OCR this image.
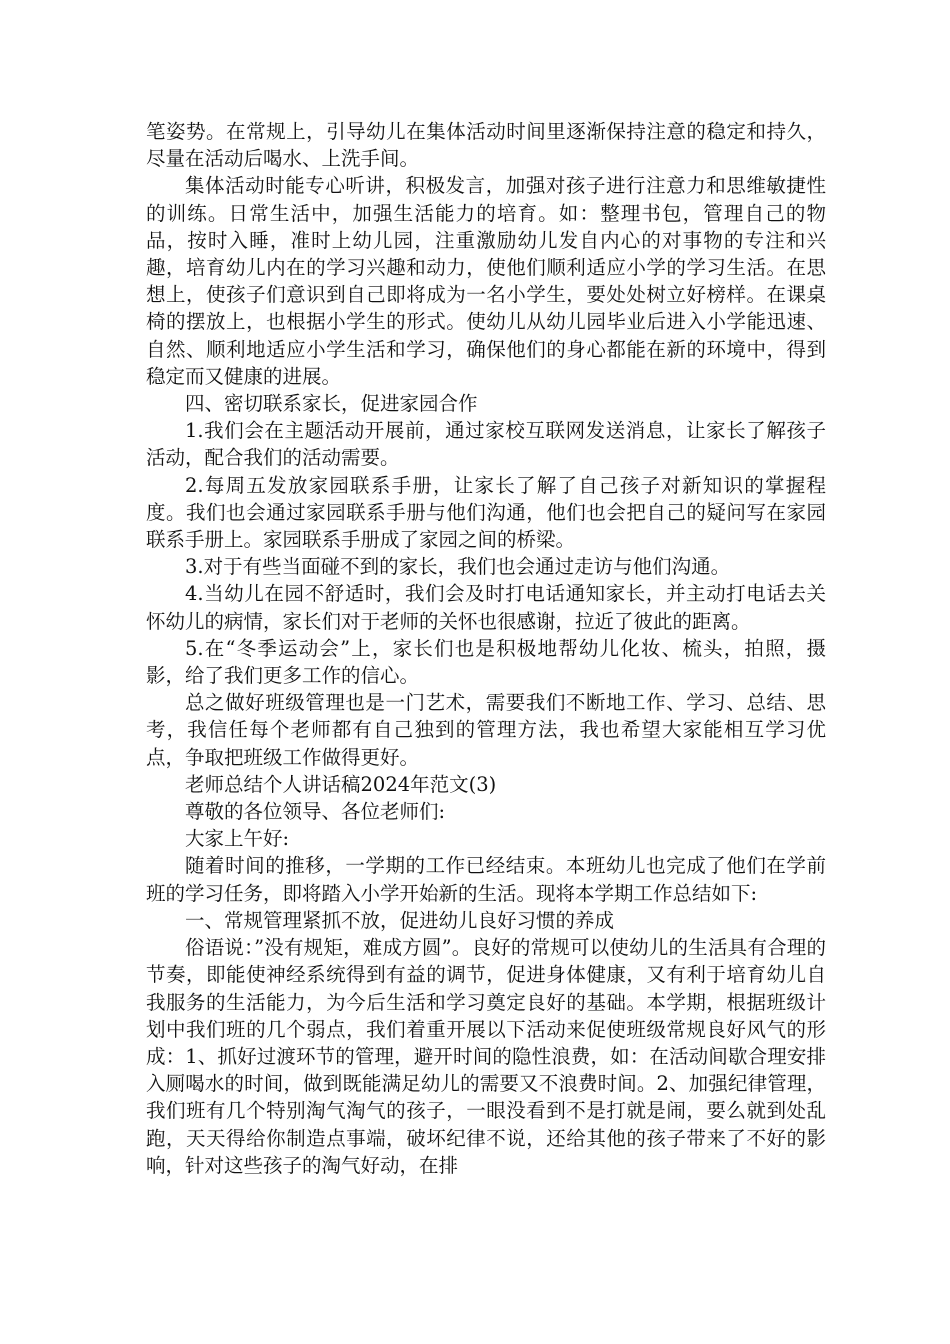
笔姿势。在常规上，引导幼儿在集体活动时间里逐渐保持注意的稳定和持久，尽量在活动后喝水、上洗手间。

集体活动时能专心听讲，积极发言，加强对孩子进行注意力和思维敏捷性的训练。日常生活中，加强生活能力的培育。如：整理书包，管理自己的物品，按时入睡，准时上幼儿园，注重激励幼儿发自内心的对事物的专注和兴趣，培育幼儿内在的学习兴趣和动力，使他们顺利适应小学的学习生活。在思想上，使孩子们意识到自己即将成为一名小学生，要处处树立好榜样。在课桌椅的摆放上，也根据小学生的形式。使幼儿从幼儿园毕业后进入小学能迅速、自然、顺利地适应小学生活和学习，确保他们的身心都能在新的环境中，得到稳定而又健康的进展。

四、密切联系家长，促进家园合作

1.我们会在主题活动开展前，通过家校互联网发送消息，让家长了解孩子活动，配合我们的活动需要。

2.每周五发放家园联系手册，让家长了解了自己孩子对新知识的掌握程度。我们也会通过家园联系手册与他们沟通，他们也会把自己的疑问写在家园联系手册上。家园联系手册成了家园之间的桥梁。

3.对于有些当面碰不到的家长，我们也会通过走访与他们沟通。

4.当幼儿在园不舒适时，我们会及时打电话通知家长，并主动打电话去关怀幼儿的病情，家长们对于老师的关怀也很感谢，拉近了彼此的距离。

5.在“冬季运动会”上，家长们也是积极地帮幼儿化妆、梳头，拍照，摄影，给了我们更多工作的信心。

总之做好班级管理也是一门艺术，需要我们不断地工作、学习、总结、思考，我信任每个老师都有自己独到的管理方法，我也希望大家能相互学习优点，争取把班级工作做得更好。

老师总结个人讲话稿2024年范文(3)

尊敬的各位领导、各位老师们:

大家上午好:

随着时间的推移，一学期的工作已经结束。本班幼儿也完成了他们在学前班的学习任务，即将踏入小学开始新的生活。现将本学期工作总结如下:

一、常规管理紧抓不放，促进幼儿良好习惯的养成

俗语说：”没有规矩，难成方圆”。良好的常规可以使幼儿的生活具有合理的节奏，即能使神经系统得到有益的调节，促进身体健康，又有利于培育幼儿自我服务的生活能力，为今后生活和学习奠定良好的基础。本学期，根据班级计划中我们班的几个弱点，我们着重开展以下活动来促使班级常规良好风气的形成：1、抓好过渡环节的管理，避开时间的隐性浪费，如：在活动间歇合理安排入厕喝水的时间，做到既能满足幼儿的需要又不浪费时间。2、加强纪律管理，我们班有几个特别淘气淘气的孩子，一眼没看到不是打就是闹，要么就到处乱跑，天天得给你制造点事端，破坏纪律不说，还给其他的孩子带来了不好的影响，针对这些孩子的淘气好动，在排
